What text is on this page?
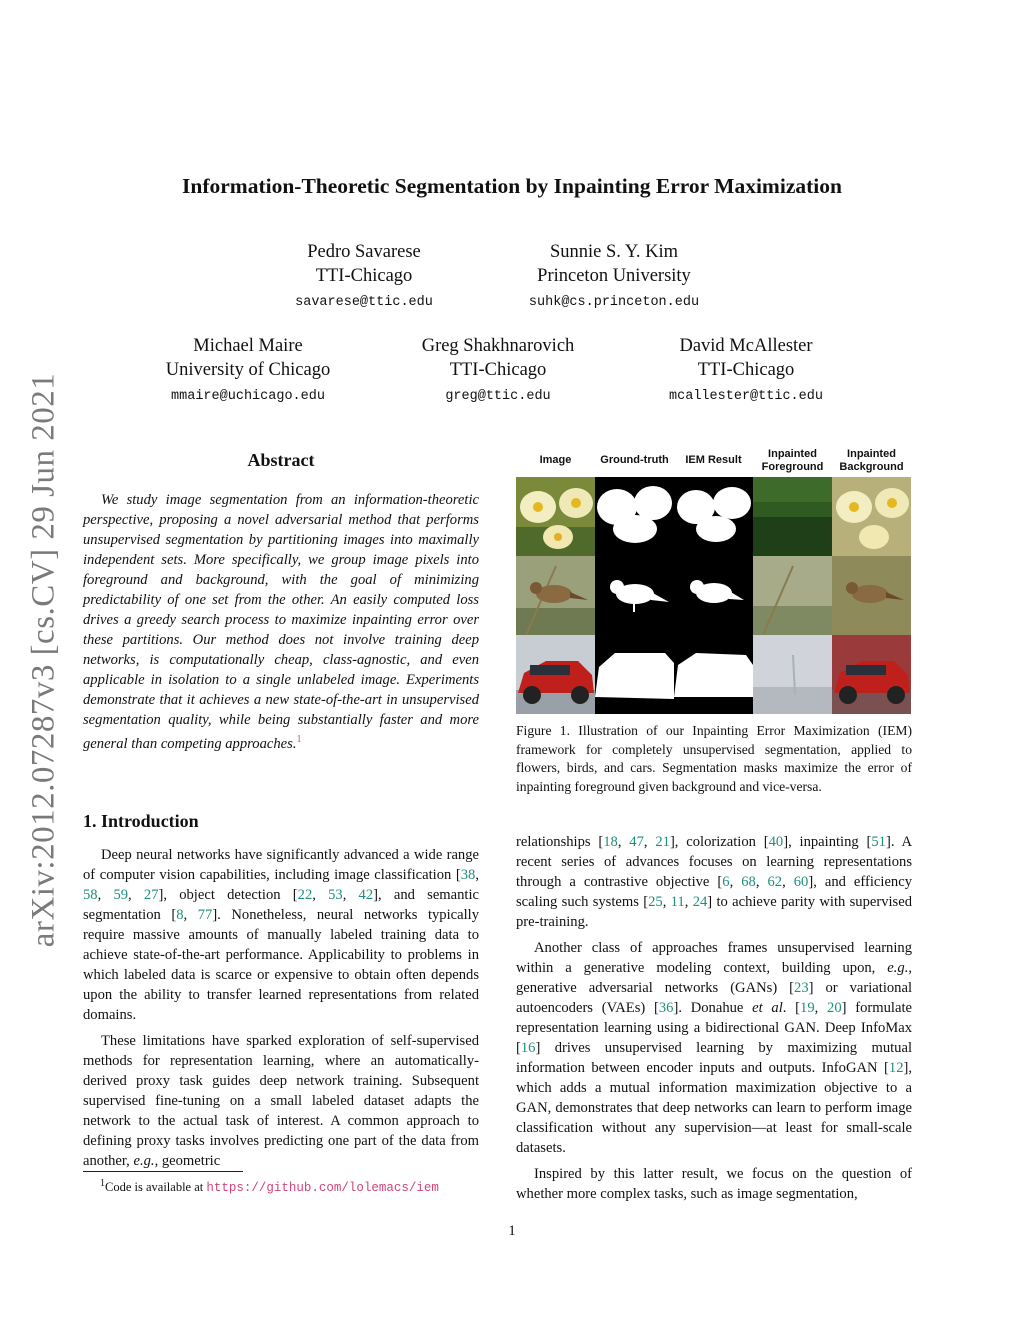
arXiv:2012.07287v3 [cs.CV] 29 Jun 2021
Information-Theoretic Segmentation by Inpainting Error Maximization
Pedro Savarese
TTI-Chicago
savarese@ttic.edu
Sunnie S. Y. Kim
Princeton University
suhk@cs.princeton.edu
Michael Maire
University of Chicago
mmaire@uchicago.edu
Greg Shakhnarovich
TTI-Chicago
greg@ttic.edu
David McAllester
TTI-Chicago
mcallester@ttic.edu
Abstract

We study image segmentation from an information-theoretic perspective, proposing a novel adversarial method that performs unsupervised segmentation by partitioning images into maximally independent sets. More specifically, we group image pixels into foreground and background, with the goal of minimizing predictability of one set from the other. An easily computed loss drives a greedy search process to maximize inpainting error over these partitions. Our method does not involve training deep networks, is computationally cheap, class-agnostic, and even applicable in isolation to a single unlabeled image. Experiments demonstrate that it achieves a new state-of-the-art in unsupervised segmentation quality, while being substantially faster and more general than competing approaches.$^1$

Image	Ground-truth	IEM Result	Inpainted Foreground
Inpainted Background
Figure 1. Illustration of our Inpainting Error Maximization (IEM) framework for completely unsupervised segmentation, applied to flowers, birds, and cars. Segmentation masks maximize the error of inpainting foreground given background and vice-versa.
1. Introduction

Deep neural networks have significantly advanced a wide range of computer vision capabilities, including image classification [38, 58, 59, 27], object detection [22, 53, 42], and semantic segmentation [8, 77]. Nonetheless, neural networks typically require massive amounts of manually labeled training data to achieve state-of-the-art performance. Applicability to problems in which labeled data is scarce or expensive to obtain often depends upon the ability to transfer learned representations from related domains.

These limitations have sparked exploration of self-supervised methods for representation learning, where an automatically-derived proxy task guides deep network training. Subsequent supervised fine-tuning on a small labeled dataset adapts the network to the actual task of interest. A common approach to defining proxy tasks involves predicting one part of the data from another, e.g., geometric

relationships [18, 47, 21], colorization [40], inpainting [51]. A recent series of advances focuses on learning representations through a contrastive objective [6, 68, 62, 60], and efficiency scaling such systems [25, 11, 24] to achieve parity with supervised pre-training.

Another class of approaches frames unsupervised learning within a generative modeling context, building upon, e.g., generative adversarial networks (GANs) [23] or variational autoencoders (VAEs) [36]. Donahue et al. [19, 20] formulate representation learning using a bidirectional GAN. Deep InfoMax [16] drives unsupervised learning by maximizing mutual information between encoder inputs and outputs. InfoGAN [12], which adds a mutual information maximization objective to a GAN, demonstrates that deep networks can learn to perform image classification without any supervision—at least for small-scale datasets.

Inspired by this latter result, we focus on the question of whether more complex tasks, such as image segmentation,

$^1$Code is available at https://github.com/lolemacs/iem
1
